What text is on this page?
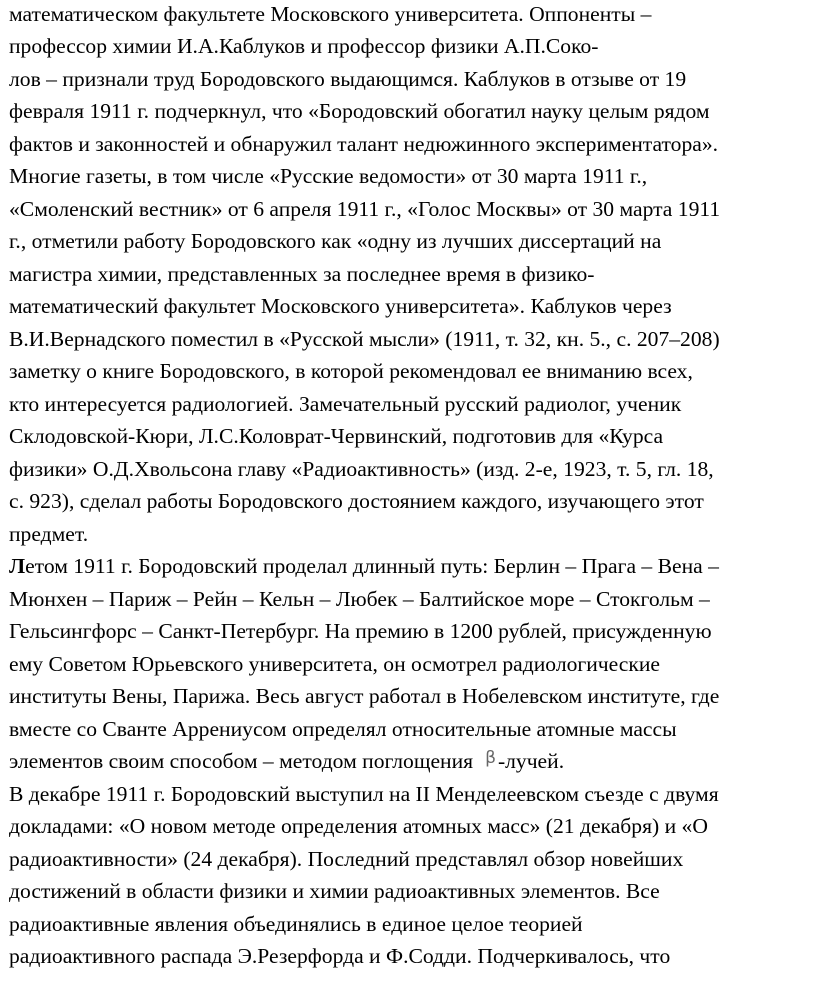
математическом факультете Московского университета. Оппоненты –
профессор химии И.А.Каблуков и профессор физики А.П.Соко-
лов – признали труд Бородовского выдающимся. Каблуков в отзыве от 19
февраля 1911 г. подчеркнул, что «Бородовский обогатил науку целым рядом
фактов и законностей и обнаружил талант недюжинного экспериментатора».
Многие газеты, в том числе «Русские ведомости» от 30 марта 1911 г.,
«Смоленский вестник» от 6 апреля 1911 г., «Голос Москвы» от 30 марта 1911
г., отметили работу Бородовского как «одну из лучших диссертаций на
магистра химии, представленных за последнее время в физико-
математический факультет Московского университета». Каблуков через
В.И.Вернадского поместил в «Русской мысли» (1911, т. 32, кн. 5., с. 207–208)
заметку о книге Бородовского, в которой рекомендовал ее вниманию всех,
кто интересуется радиологией. Замечательный русский радиолог, ученик
Склодовской-Кюри, Л.С.Коловрат-Червинский, подготовив для «Курса
физики» О.Д.Хвольсона главу «Радиоактивность» (изд. 2-е, 1923, т. 5, гл. 18,
с. 923), сделал работы Бородовского достоянием каждого, изучающего этот
предмет.
Летом 1911 г. Бородовский проделал длинный путь: Берлин – Прага – Вена –
Мюнхен – Париж – Рейн – Кельн – Любек – Балтийское море – Стокгольм –
Гельсингфорс – Санкт-Петербург. На премию в 1200 рублей, присужденную
ему Советом Юрьевского университета, он осмотрел радиологические
институты Вены, Парижа. Весь август работал в Нобелевском институте, где
вместе со Сванте Аррениусом определял относительные атомные массы
элементов своим способом – методом поглощения β-лучей.
В декабре 1911 г. Бородовский выступил на II Менделеевском съезде с двумя
докладами: «О новом методе определения атомных масс» (21 декабря) и «О
радиоактивности» (24 декабря). Последний представлял обзор новейших
достижений в области физики и химии радиоактивных элементов. Все
радиоактивные явления объединялись в единое целое теорией
радиоактивного распада Э.Резерфорда и Ф.Содди. Подчеркивалось, что
